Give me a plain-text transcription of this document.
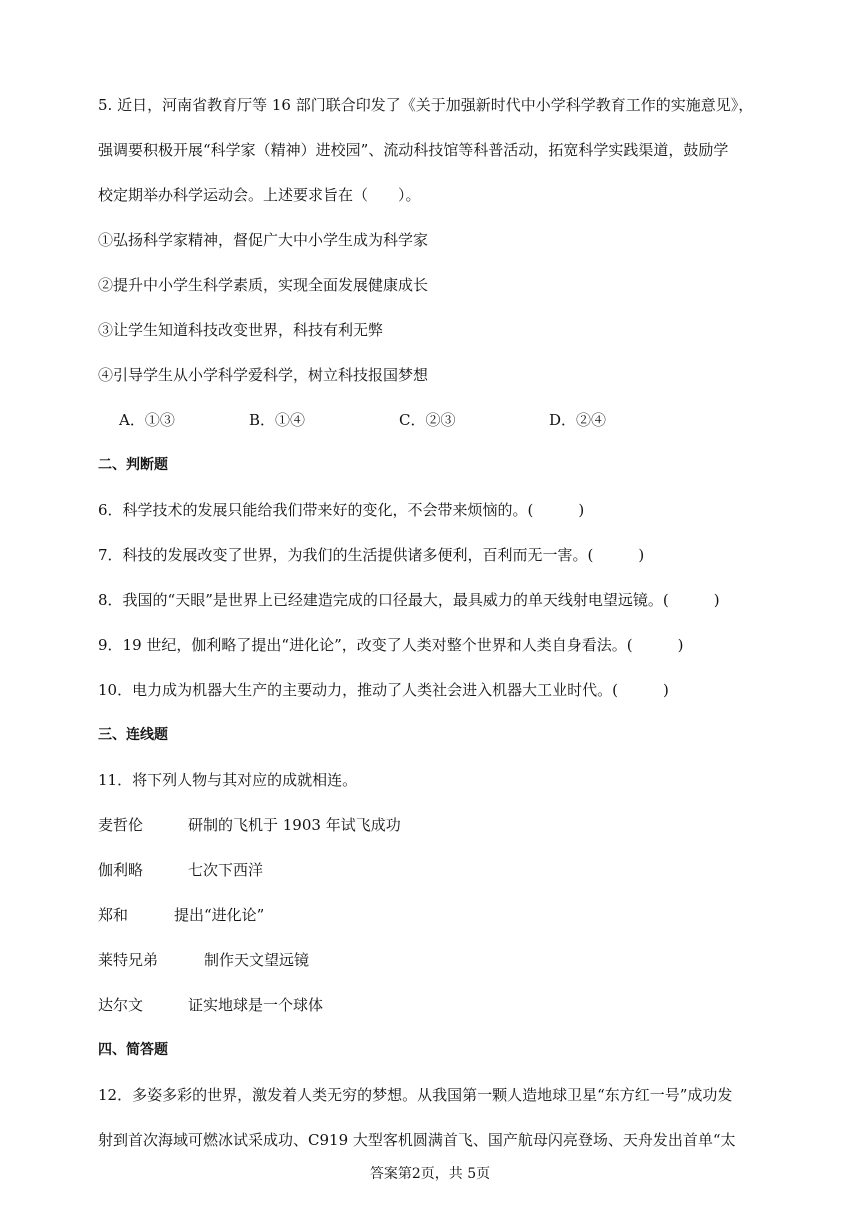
5. 近日，河南省教育厅等 16 部门联合印发了《关于加强新时代中小学科学教育工作的实施意见》，
强调要积极开展“科学家（精神）进校园”、流动科技馆等科普活动，拓宽科学实践渠道，鼓励学
校定期举办科学运动会。上述要求旨在（　　）。
①弘扬科学家精神，督促广大中小学生成为科学家
②提升中小学生科学素质，实现全面发展健康成长
③让学生知道科技改变世界，科技有利无弊
④引导学生从小学科学爱科学，树立科技报国梦想
A．①③	B．①④	C．②③	D．②④
二、判断题
6．科学技术的发展只能给我们带来好的变化，不会带来烦恼的。(　　　)
7．科技的发展改变了世界，为我们的生活提供诸多便利，百利而无一害。(　　　)
8．我国的“天眼”是世界上已经建造完成的口径最大，最具威力的单天线射电望远镜。(　　　)
9．19 世纪，伽利略了提出“进化论”，改变了人类对整个世界和人类自身看法。(　　　)
10．电力成为机器大生产的主要动力，推动了人类社会进入机器大工业时代。(　　　)
三、连线题
11．将下列人物与其对应的成就相连。
麦哲伦	研制的飞机于 1903 年试飞成功
伽利略	七次下西洋
郑和	提出“进化论”
莱特兄弟	制作天文望远镜
达尔文	证实地球是一个球体
四、简答题
12．多姿多彩的世界，激发着人类无穷的梦想。从我国第一颗人造地球卫星“东方红一号”成功发
射到首次海域可燃冰试采成功、C919 大型客机圆满首飞、国产航母闪亮登场、天舟发出首单“太
答案第2页，共 5页
